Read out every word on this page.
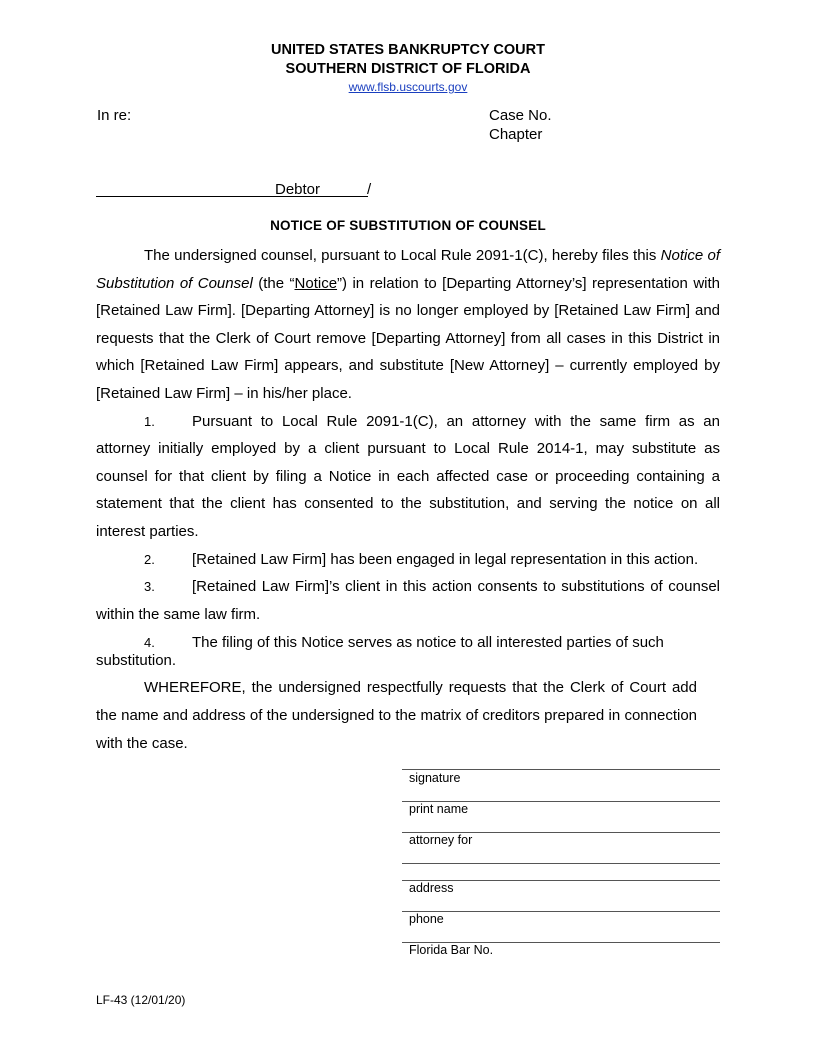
UNITED STATES BANKRUPTCY COURT
SOUTHERN DISTRICT OF FLORIDA
www.flsb.uscourts.gov
In re:	Case No.
Chapter
Debtor	/
NOTICE OF SUBSTITUTION OF COUNSEL

The undersigned counsel, pursuant to Local Rule 2091-1(C), hereby files this Notice of Substitution of Counsel (the “Notice”) in relation to [Departing Attorney’s] representation with [Retained Law Firm]. [Departing Attorney] is no longer employed by [Retained Law Firm] and requests that the Clerk of Court remove [Departing Attorney] from all cases in this District in which [Retained Law Firm] appears, and substitute [New Attorney] – currently employed by [Retained Law Firm] – in his/her place.

1. Pursuant to Local Rule 2091-1(C), an attorney with the same firm as an attorney initially employed by a client pursuant to Local Rule 2014-1, may substitute as counsel for that client by filing a Notice in each affected case or proceeding containing a statement that the client has consented to the substitution, and serving the notice on all interest parties.

2. [Retained Law Firm] has been engaged in legal representation in this action.

3. [Retained Law Firm]’s client in this action consents to substitutions of counsel within the same law firm.

4. The filing of this Notice serves as notice to all interested parties of such substitution.

WHEREFORE, the undersigned respectfully requests that the Clerk of Court add the name and address of the undersigned to the matrix of creditors prepared in connection with the case.

signature
print name
attorney for
address
phone
Florida Bar No.
LF-43 (12/01/20)
